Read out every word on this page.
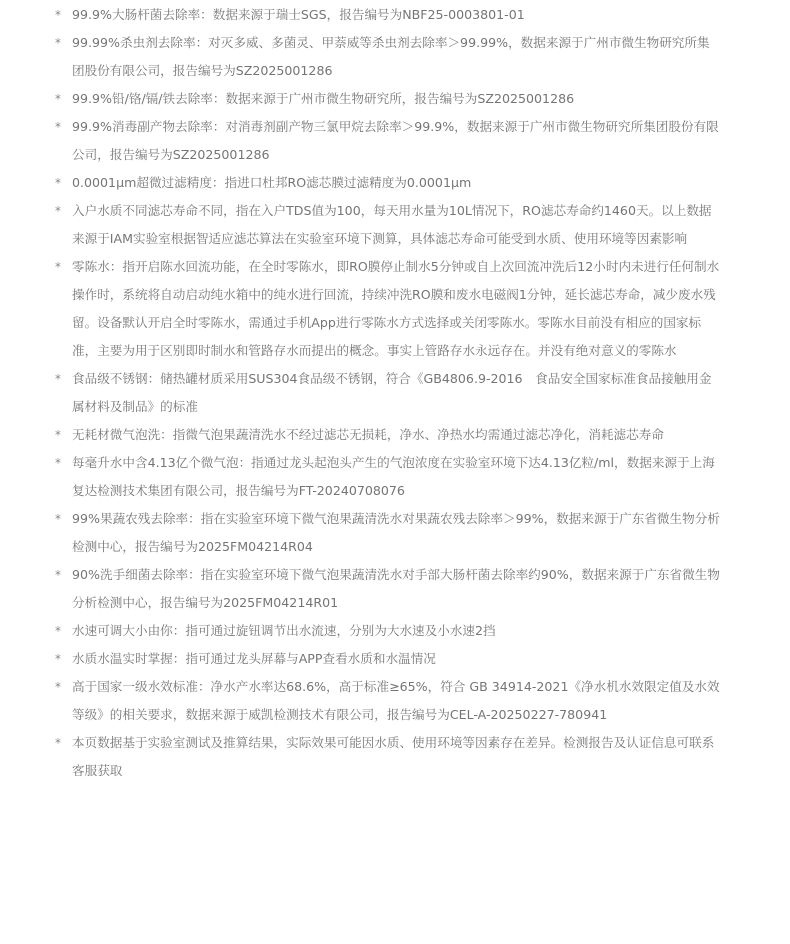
* 99.9%大肠杆菌去除率：数据来源于瑞士SGS，报告编号为NBF25-0003801-01
* 99.99%杀虫剂去除率：对灭多威、多菌灵、甲萘威等杀虫剂去除率＞99.99%，数据来源于广州市微生物研究所集团股份有限公司，报告编号为SZ2025001286
* 99.9%铅/铬/镉/铁去除率：数据来源于广州市微生物研究所，报告编号为SZ2025001286
* 99.9%消毒副产物去除率：对消毒剂副产物三氯甲烷去除率＞99.9%，数据来源于广州市微生物研究所集团股份有限公司，报告编号为SZ2025001286
* 0.0001μm超微过滤精度：指进口杜邦RO滤芯膜过滤精度为0.0001μm
* 入户水质不同滤芯寿命不同，指在入户TDS值为100，每天用水量为10L情况下，RO滤芯寿命约1460天。以上数据来源于IAM实验室根据智适应滤芯算法在实验室环境下测算，具体滤芯寿命可能受到水质、使用环境等因素影响
* 零陈水：指开启陈水回流功能，在全时零陈水，即RO膜停止制水5分钟或自上次回流冲洗后12小时内未进行任何制水操作时，系统将自动启动纯水箱中的纯水进行回流，持续冲洗RO膜和废水电磁阀1分钟，延长滤芯寿命，减少废水残留。设备默认开启全时零陈水，需通过手机App进行零陈水方式选择或关闭零陈水。零陈水目前没有相应的国家标准，主要为用于区别即时制水和管路存水而提出的概念。事实上管路存水永远存在。并没有绝对意义的零陈水
* 食品级不锈钢：储热罐材质采用SUS304食品级不锈钢，符合《GB4806.9-2016　食品安全国家标准食品接触用金属材料及制品》的标准
* 无耗材微气泡洗：指微气泡果蔬清洗水不经过滤芯无损耗，净水、净热水均需通过滤芯净化，消耗滤芯寿命
* 每毫升水中含4.13亿个微气泡：指通过龙头起泡头产生的气泡浓度在实验室环境下达4.13亿粒/ml，数据来源于上海复达检测技术集团有限公司，报告编号为FT-20240708076
* 99%果蔬农残去除率：指在实验室环境下微气泡果蔬清洗水对果蔬农残去除率＞99%，数据来源于广东省微生物分析检测中心，报告编号为2025FM04214R04
* 90%洗手细菌去除率：指在实验室环境下微气泡果蔬清洗水对手部大肠杆菌去除率约90%，数据来源于广东省微生物分析检测中心，报告编号为2025FM04214R01
* 水速可调大小由你：指可通过旋钮调节出水流速，分别为大水速及小水速2挡
* 水质水温实时掌握：指可通过龙头屏幕与APP查看水质和水温情况
* 高于国家一级水效标准：净水产水率达68.6%，高于标准≥65%，符合 GB 34914-2021《净水机水效限定值及水效等级》的相关要求，数据来源于威凯检测技术有限公司，报告编号为CEL-A-20250227-780941
* 本页数据基于实验室测试及推算结果，实际效果可能因水质、使用环境等因素存在差异。检测报告及认证信息可联系客服获取
